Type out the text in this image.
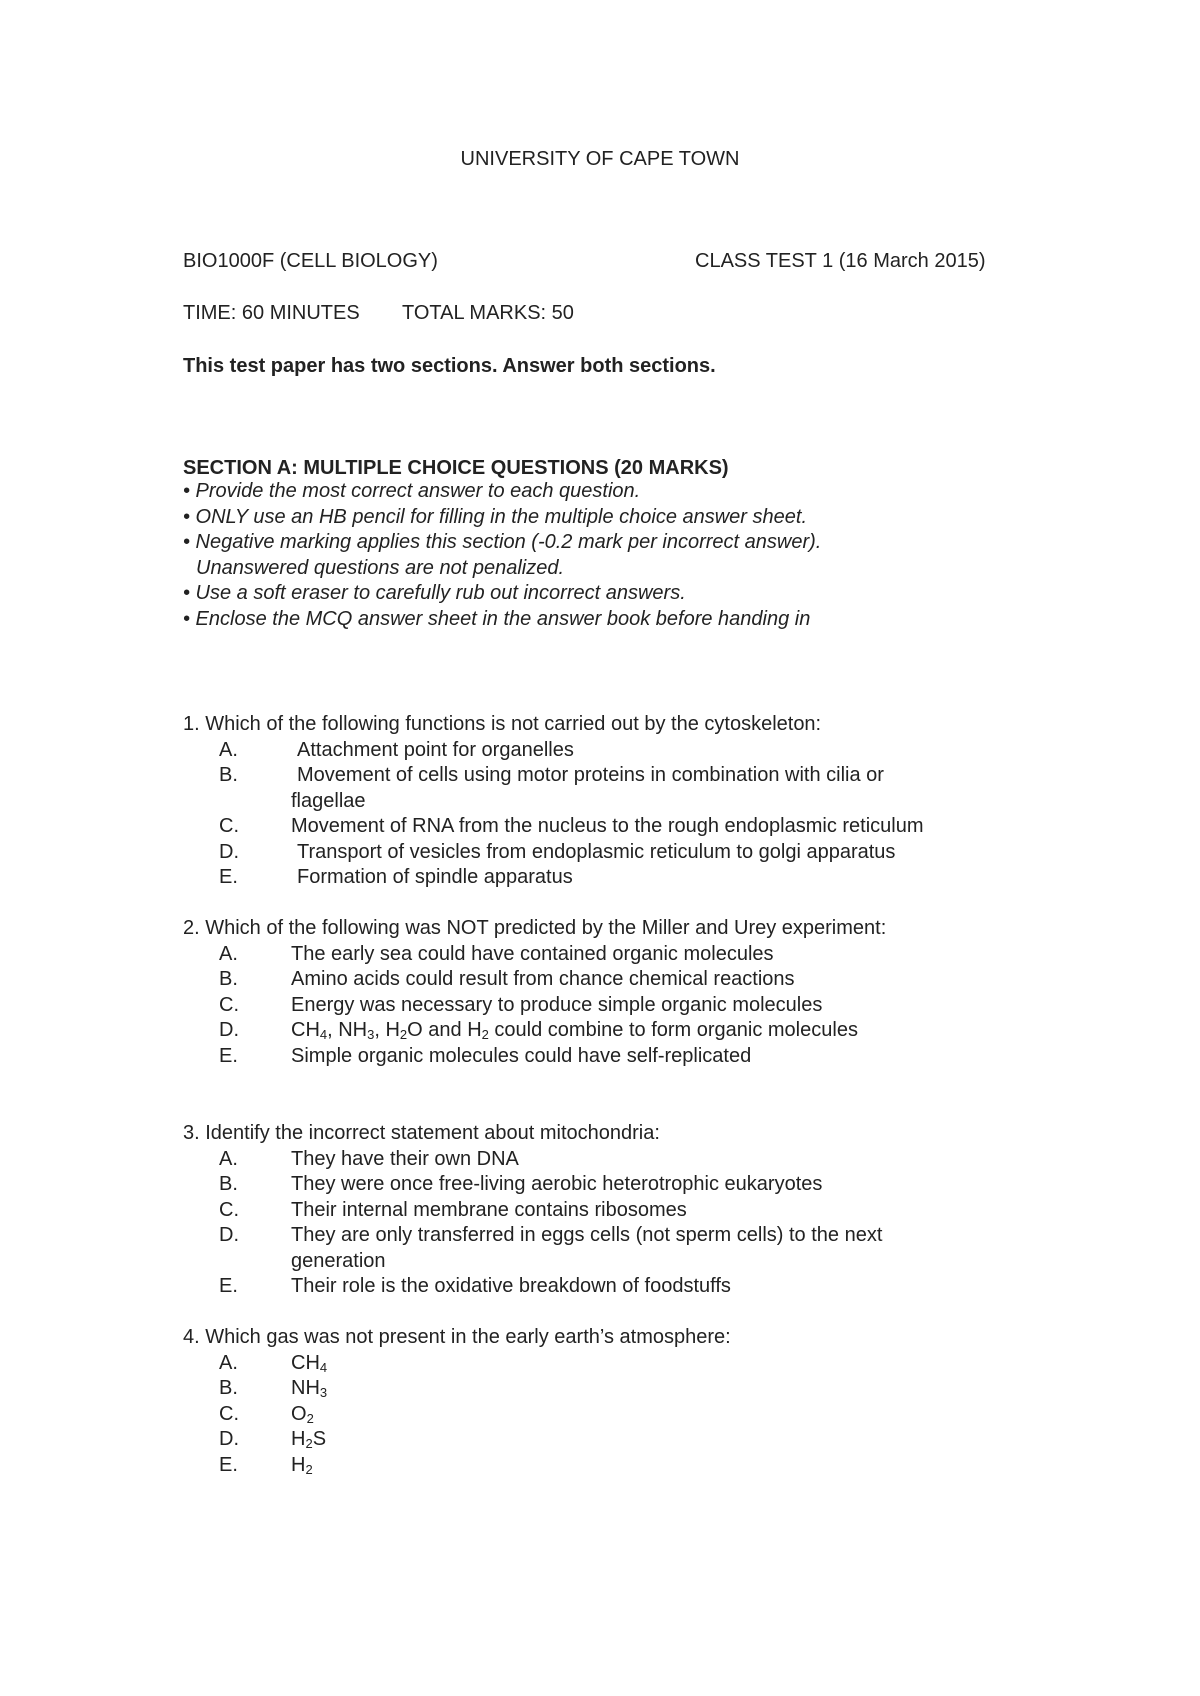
UNIVERSITY OF CAPE TOWN
BIO1000F (CELL BIOLOGY)	CLASS TEST 1 (16 March 2015)
TIME: 60 MINUTES TOTAL MARKS: 50
This test paper has two sections. Answer both sections.
SECTION A: MULTIPLE CHOICE QUESTIONS (20 MARKS)
• Provide the most correct answer to each question.
• ONLY use an HB pencil for filling in the multiple choice answer sheet.
• Negative marking applies this section (-0.2 mark per incorrect answer).
Unanswered questions are not penalized.
• Use a soft eraser to carefully rub out incorrect answers.
• Enclose the MCQ answer sheet in the answer book before handing in
1. Which of the following functions is not carried out by the cytoskeleton:
A.	Attachment point for organelles
B.	Movement of cells using motor proteins in combination with cilia or
flagellae
C.	Movement of RNA from the nucleus to the rough endoplasmic reticulum
D.	Transport of vesicles from endoplasmic reticulum to golgi apparatus
E.	Formation of spindle apparatus
2. Which of the following was NOT predicted by the Miller and Urey experiment:
A.	The early sea could have contained organic molecules
B.	Amino acids could result from chance chemical reactions
C.	Energy was necessary to produce simple organic molecules
D.	$CH_4$, $NH_3$, $H_2O$ and $H_2$ could combine to form organic molecules
E.	Simple organic molecules could have self-replicated
3. Identify the incorrect statement about mitochondria:
A.	They have their own DNA
B.	They were once free-living aerobic heterotrophic eukaryotes
C.	Their internal membrane contains ribosomes
D.	They are only transferred in eggs cells (not sperm cells) to the next
generation
E.	Their role is the oxidative breakdown of foodstuffs
4. Which gas was not present in the early earth’s atmosphere:
A.	$CH_4$
B.	$NH_3$
C.	$O_2$
D.	$H_2S$
E.	$H_2$
